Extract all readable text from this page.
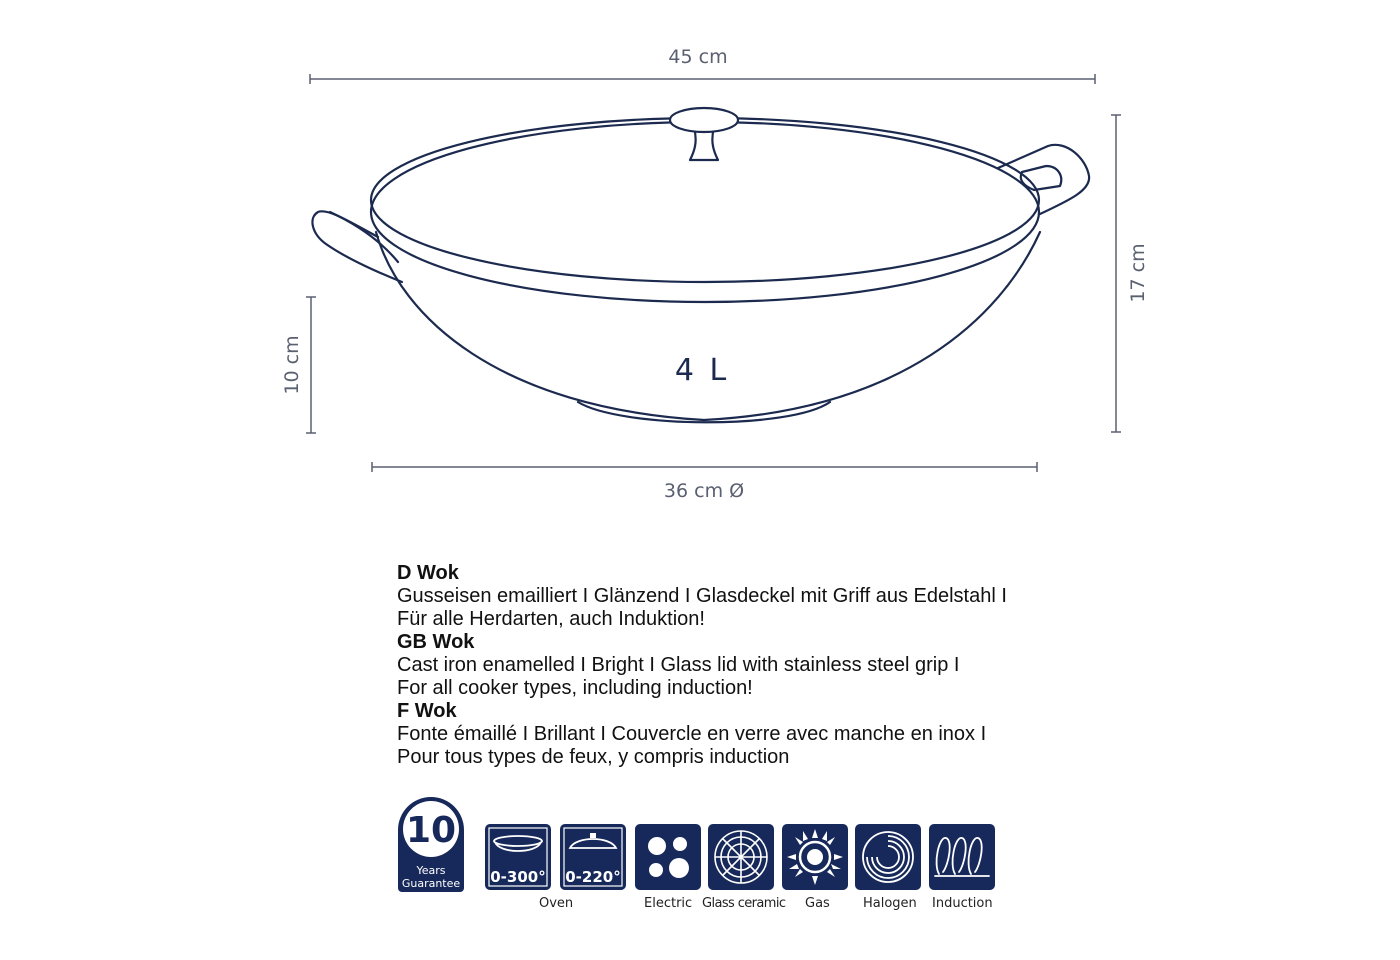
45 cm
17 cm
10 cm
36 cm Ø
4 L
D Wok
Gusseisen emailliert I Glänzend I Glasdeckel mit Griff aus Edelstahl I
Für alle Herdarten, auch Induktion!
GB Wok
Cast iron enamelled I Bright I Glass lid with stainless steel grip I
For all cooker types, including induction!
F Wok
Fonte émaillé I Brillant I Couvercle en verre avec manche en inox I
Pour tous types de feux, y compris induction
10
Years
Guarantee	0-300°	0-220°
Oven	Electric Glass ceramic Gas	Halogen Induction
